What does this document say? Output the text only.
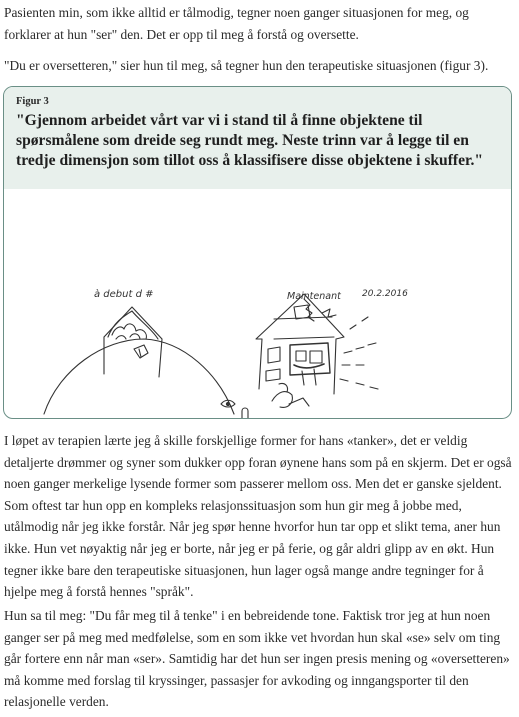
Pasienten min, som ikke alltid er tålmodig, tegner noen ganger situasjonen for meg, og forklarer at hun "ser" den. Det er opp til meg å forstå og oversette.

"Du er oversetteren," sier hun til meg, så tegner hun den terapeutiske situasjonen (figur 3).

Figur 3

"Gjennom arbeidet vårt var vi i stand til å finne objektene til spørsmålene som dreide seg rundt meg. Neste trinn var å legge til en tredje dimensjon som tillot oss å klassifisere disse objektene i skuffer."

à debut d #	Maintenant 20.2.2016

I løpet av terapien lærte jeg å skille forskjellige former for hans «tanker», det er veldig detaljerte drømmer og syner som dukker opp foran øynene hans som på en skjerm. Det er også noen ganger merkelige lysende former som passerer mellom oss. Men det er ganske sjeldent. Som oftest tar hun opp en kompleks relasjonssituasjon som hun gir meg å jobbe med, utålmodig når jeg ikke forstår. Når jeg spør henne hvorfor hun tar opp et slikt tema, aner hun ikke. Hun vet nøyaktig når jeg er borte, når jeg er på ferie, og går aldri glipp av en økt. Hun tegner ikke bare den terapeutiske situasjonen, hun lager også mange andre tegninger for å hjelpe meg å forstå hennes "språk".

Hun sa til meg: "Du får meg til å tenke" i en bebreidende tone. Faktisk tror jeg at hun noen ganger ser på meg med medfølelse, som en som ikke vet hvordan hun skal «se» selv om ting går fortere enn når man «ser». Samtidig har det hun ser ingen presis mening og «oversetteren» må komme med forslag til kryssinger, passasjer for avkoding og inngangsporter til den relasjonelle verden.
